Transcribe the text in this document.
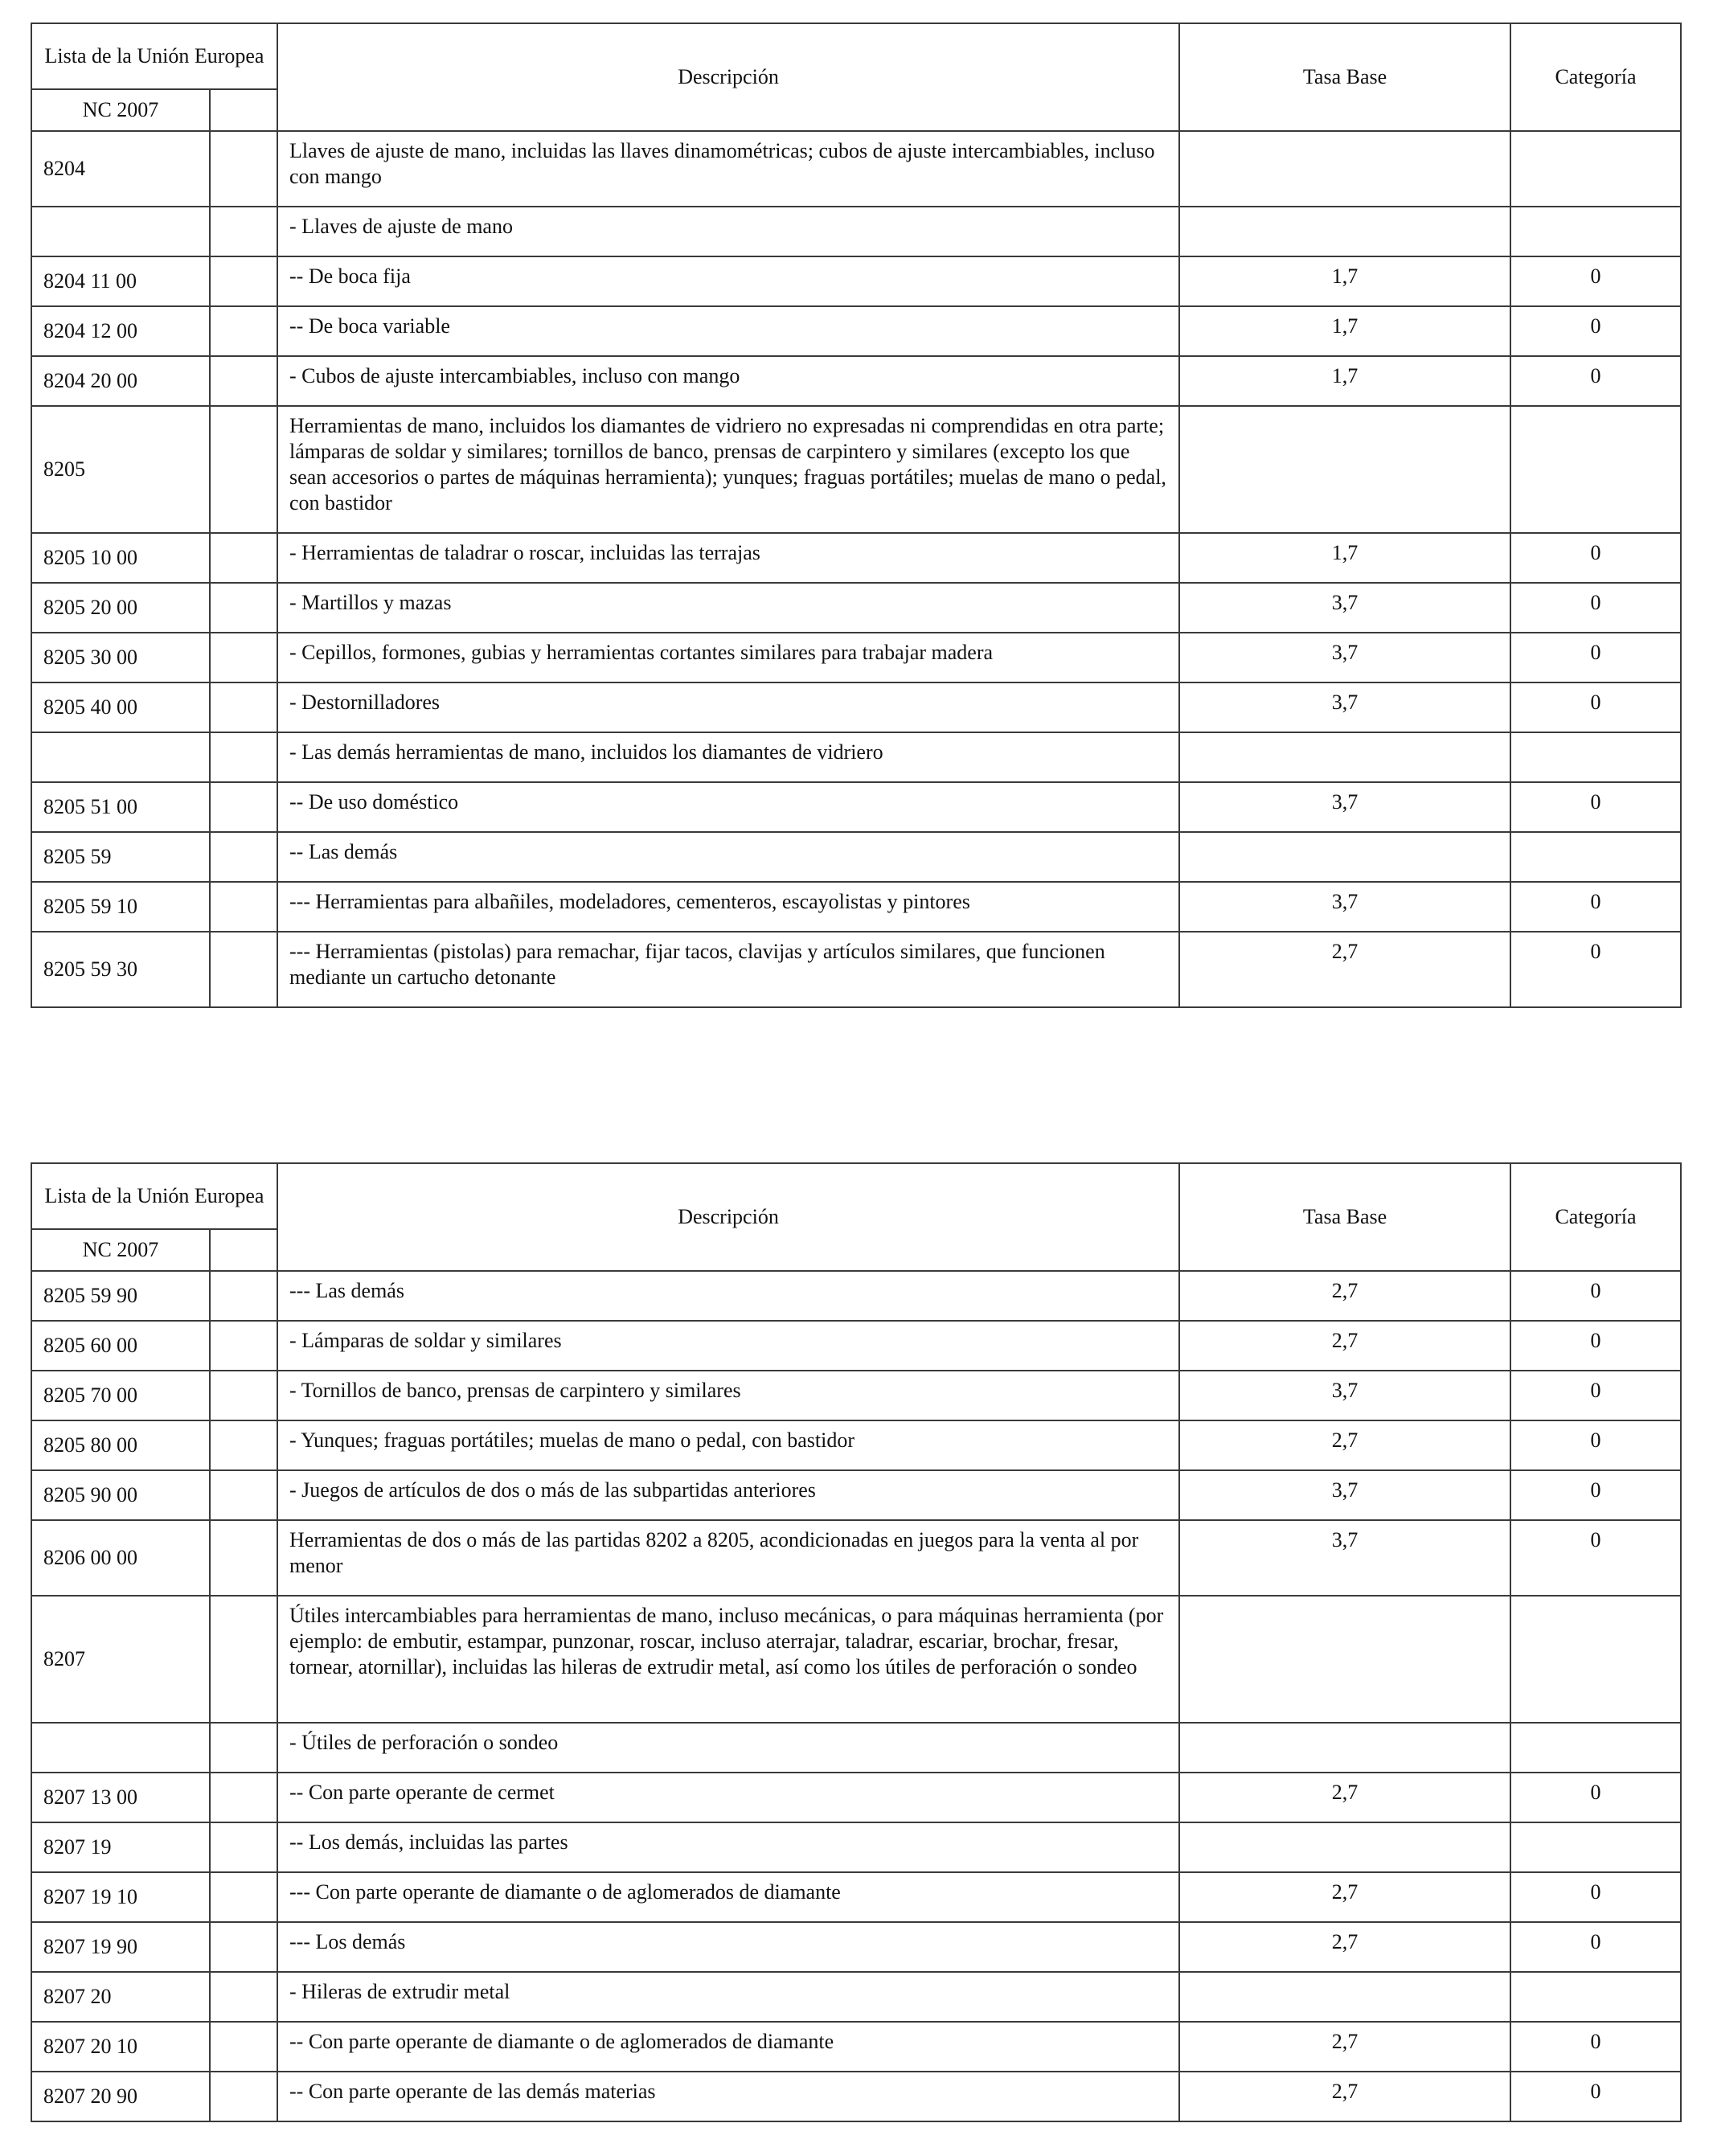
Lista de la Unión Europea		Descripción	Tasa Base	Categoría
NC 2007				
8204		Llaves de ajuste de mano, incluidas las llaves dinamométricas; cubos de ajuste intercambiables, incluso con mango		
		- Llaves de ajuste de mano		
8204 11 00		-- De boca fija	1,7	0
8204 12 00		-- De boca variable	1,7	0
8204 20 00		- Cubos de ajuste intercambiables, incluso con mango	1,7	0
8205		Herramientas de mano, incluidos los diamantes de vidriero no expresadas ni comprendidas en otra parte; lámparas de soldar y similares; tornillos de banco, prensas de carpintero y similares (excepto los que sean accesorios o partes de máquinas herramienta); yunques; fraguas portátiles; muelas de mano o pedal, con bastidor		
8205 10 00		- Herramientas de taladrar o roscar, incluidas las terrajas	1,7	0
8205 20 00		- Martillos y mazas	3,7	0
8205 30 00		- Cepillos, formones, gubias y herramientas cortantes similares para trabajar madera	3,7	0
8205 40 00		- Destornilladores	3,7	0
		- Las demás herramientas de mano, incluidos los diamantes de vidriero		
8205 51 00		-- De uso doméstico	3,7	0
8205 59		-- Las demás		
8205 59 10		--- Herramientas para albañiles, modeladores, cementeros, escayolistas y pintores	3,7	0
8205 59 30		--- Herramientas (pistolas) para remachar, fijar tacos, clavijas y artículos similares, que funcionen mediante un cartucho detonante	2,7	0
Lista de la Unión Europea		Descripción	Tasa Base	Categoría
NC 2007				
8205 59 90		--- Las demás	2,7	0
8205 60 00		- Lámparas de soldar y similares	2,7	0
8205 70 00		- Tornillos de banco, prensas de carpintero y similares	3,7	0
8205 80 00		- Yunques; fraguas portátiles; muelas de mano o pedal, con bastidor	2,7	0
8205 90 00		- Juegos de artículos de dos o más de las subpartidas anteriores	3,7	0
8206 00 00		Herramientas de dos o más de las partidas 8202 a 8205, acondicionadas en juegos para la venta al por menor	3,7	0
8207		Útiles intercambiables para herramientas de mano, incluso mecánicas, o para máquinas herramienta (por ejemplo: de embutir, estampar, punzonar, roscar, incluso aterrajar, taladrar, escariar, brochar, fresar, tornear, atornillar), incluidas las hileras de extrudir metal, así como los útiles de perforación o sondeo		
		- Útiles de perforación o sondeo		
8207 13 00		-- Con parte operante de cermet	2,7	0
8207 19		-- Los demás, incluidas las partes		
8207 19 10		--- Con parte operante de diamante o de aglomerados de diamante	2,7	0
8207 19 90		--- Los demás	2,7	0
8207 20		- Hileras de extrudir metal		
8207 20 10		-- Con parte operante de diamante o de aglomerados de diamante	2,7	0
8207 20 90		-- Con parte operante de las demás materias	2,7	0
